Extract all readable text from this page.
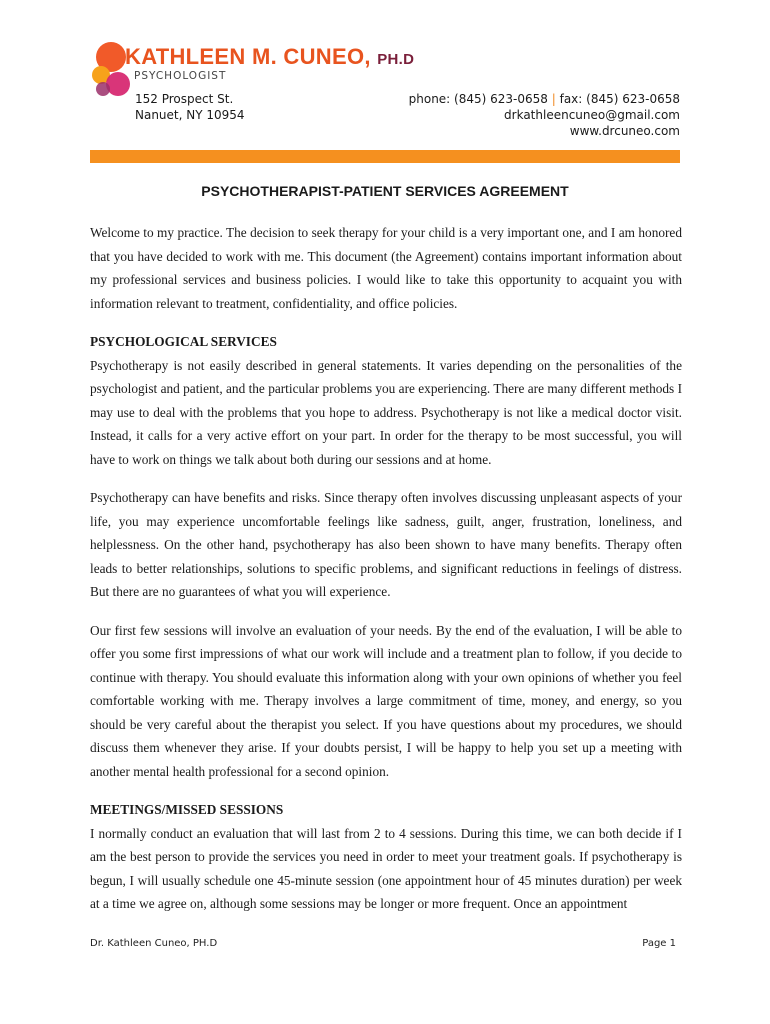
KATHLEEN M. CUNEO, PH.D
PSYCHOLOGIST
152 Prospect St.
Nanuet, NY 10954
phone: (845) 623-0658 | fax: (845) 623-0658
drkathleencuneo@gmail.com
www.drcuneo.com
PSYCHOTHERAPIST-PATIENT SERVICES AGREEMENT

Welcome to my practice. The decision to seek therapy for your child is a very important one, and I am honored that you have decided to work with me. This document (the Agreement) contains important information about my professional services and business policies. I would like to take this opportunity to acquaint you with information relevant to treatment, confidentiality, and office policies.

PSYCHOLOGICAL SERVICES

Psychotherapy is not easily described in general statements. It varies depending on the personalities of the psychologist and patient, and the particular problems you are experiencing. There are many different methods I may use to deal with the problems that you hope to address. Psychotherapy is not like a medical doctor visit. Instead, it calls for a very active effort on your part. In order for the therapy to be most successful, you will have to work on things we talk about both during our sessions and at home.

Psychotherapy can have benefits and risks. Since therapy often involves discussing unpleasant aspects of your life, you may experience uncomfortable feelings like sadness, guilt, anger, frustration, loneliness, and helplessness. On the other hand, psychotherapy has also been shown to have many benefits. Therapy often leads to better relationships, solutions to specific problems, and significant reductions in feelings of distress. But there are no guarantees of what you will experience.

Our first few sessions will involve an evaluation of your needs. By the end of the evaluation, I will be able to offer you some first impressions of what our work will include and a treatment plan to follow, if you decide to continue with therapy. You should evaluate this information along with your own opinions of whether you feel comfortable working with me. Therapy involves a large commitment of time, money, and energy, so you should be very careful about the therapist you select. If you have questions about my procedures, we should discuss them whenever they arise. If your doubts persist, I will be happy to help you set up a meeting with another mental health professional for a second opinion.

MEETINGS/MISSED SESSIONS

I normally conduct an evaluation that will last from 2 to 4 sessions. During this time, we can both decide if I am the best person to provide the services you need in order to meet your treatment goals. If psychotherapy is begun, I will usually schedule one 45-minute session (one appointment hour of 45 minutes duration) per week at a time we agree on, although some sessions may be longer or more frequent. Once an appointment

Dr. Kathleen Cuneo, PH.D	Page 1
